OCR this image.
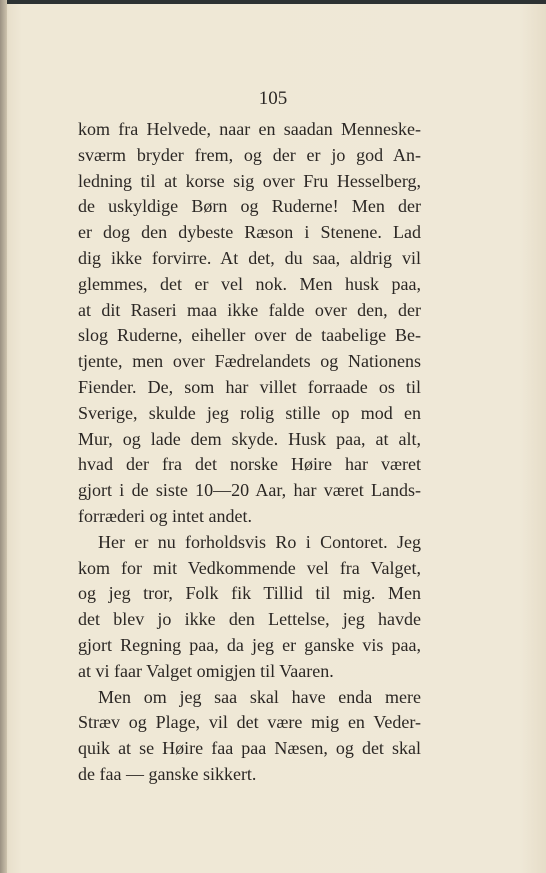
105
kom fra Helvede, naar en saadan Menneske-
sværm bryder frem, og der er jo god An-
ledning til at korse sig over Fru Hesselberg,
de uskyldige Børn og Ruderne! Men der
er dog den dybeste Ræson i Stenene. Lad
dig ikke forvirre. At det, du saa, aldrig vil
glemmes, det er vel nok. Men husk paa,
at dit Raseri maa ikke falde over den, der
slog Ruderne, eiheller over de taabelige Be-
tjente, men over Fædrelandets og Nationens
Fiender. De, som har villet forraade os til
Sverige, skulde jeg rolig stille op mod en
Mur, og lade dem skyde. Husk paa, at alt,
hvad der fra det norske Høire har været
gjort i de siste 10—20 Aar, har været Lands-
forræderi og intet andet.
Her er nu forholdsvis Ro i Contoret. Jeg
kom for mit Vedkommende vel fra Valget,
og jeg tror, Folk fik Tillid til mig. Men
det blev jo ikke den Lettelse, jeg havde
gjort Regning paa, da jeg er ganske vis paa,
at vi faar Valget omigjen til Vaaren.
Men om jeg saa skal have enda mere
Stræv og Plage, vil det være mig en Veder-
quik at se Høire faa paa Næsen, og det skal
de faa — ganske sikkert.
